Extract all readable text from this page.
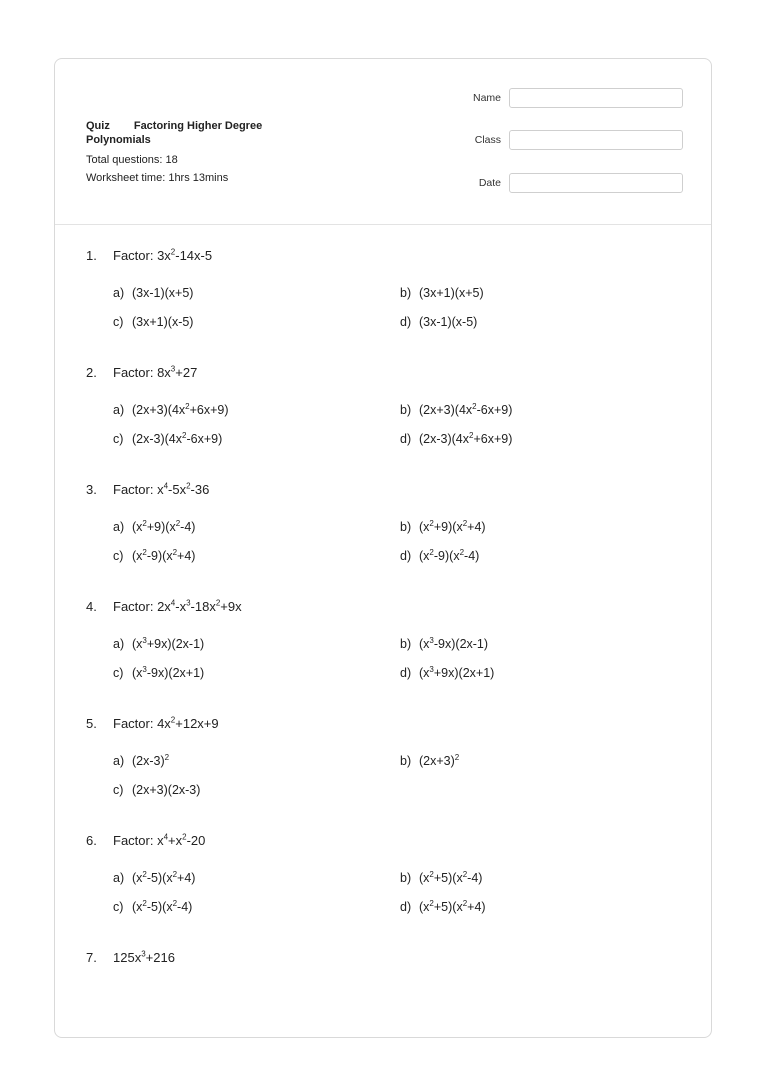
Quiz Factoring Higher Degree Polynomials
Total questions: 18
Worksheet time: 1hrs 13mins
Name
Class
Date
1.	Factor: $3x^2-14x-5$
a) (3x-1)(x+5)	b) (3x+1)(x+5)
c) (3x+1)(x-5)	d) (3x-1)(x-5)
2.	Factor: $8x^3+27$
a) $(2x+3)(4x^2+6x+9)$	b) $(2x+3)(4x^2-6x+9)$
c) $(2x-3)(4x^2-6x+9)$	d) $(2x-3)(4x^2+6x+9)$
3.	Factor: $x^4-5x^2-36$
a) $(x^2+9)(x^2-4)$	b) $(x^2+9)(x^2+4)$
c) $(x^2-9)(x^2+4)$	d) $(x^2-9)(x^2-4)$
4.	Factor: $2x^4-x^3-18x^2+9x$
a) $(x^3+9x)(2x-1)$	b) $(x^3-9x)(2x-1)$
c) $(x^3-9x)(2x+1)$	d) $(x^3+9x)(2x+1)$
5.	Factor: $4x^2+12x+9$
a) $(2x-3)^2$	b) $(2x+3)^2$
c) (2x+3)(2x-3)
6.	Factor: $x^4+x^2-20$
a) $(x^2-5)(x^2+4)$	b) $(x^2+5)(x^2-4)$
c) $(x^2-5)(x^2-4)$	d) $(x^2+5)(x^2+4)$
7.	$125x^3+216$
